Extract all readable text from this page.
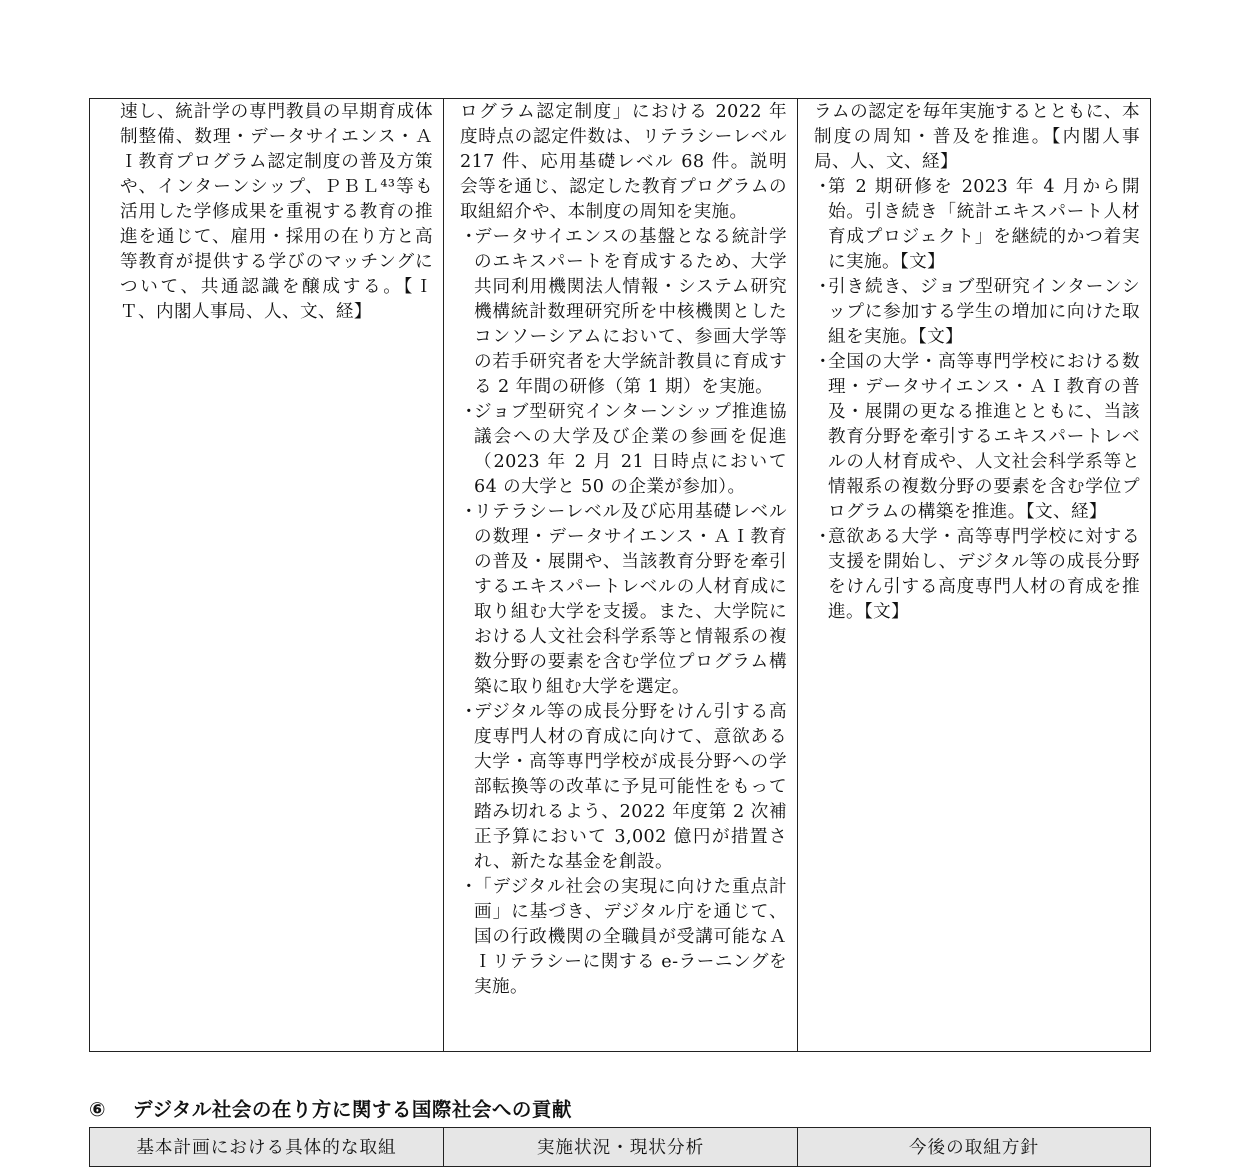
速し、統計学の専門教員の早期育成体制整備、数理・データサイエンス・ＡＩ教育プログラム認定制度の普及方策や、インターンシップ、ＰＢＬ⁴³等も活用した学修成果を重視する教育の推進を通じて、雇用・採用の在り方と高等教育が提供する学びのマッチングについて、共通認識を醸成する。【ＩＴ、内閣人事局、人、文、経】

ログラム認定制度」における 2022 年度時点の認定件数は、リテラシーレベル 217 件、応用基礎レベル 68 件。説明会等を通じ、認定した教育プログラムの取組紹介や、本制度の周知を実施。

・
データサイエンスの基盤となる統計学のエキスパートを育成するため、大学共同利用機関法人情報・システム研究機構統計数理研究所を中核機関としたコンソーシアムにおいて、参画大学等の若手研究者を大学統計教員に育成する 2 年間の研修（第 1 期）を実施。

・
ジョブ型研究インターンシップ推進協議会への大学及び企業の参画を促進（2023 年 2 月 21 日時点において 64 の大学と 50 の企業が参加）。

・
リテラシーレベル及び応用基礎レベルの数理・データサイエンス・ＡＩ教育の普及・展開や、当該教育分野を牽引するエキスパートレベルの人材育成に取り組む大学を支援。また、大学院における人文社会科学系等と情報系の複数分野の要素を含む学位プログラム構築に取り組む大学を選定。

・
デジタル等の成長分野をけん引する高度専門人材の育成に向けて、意欲ある大学・高等専門学校が成長分野への学部転換等の改革に予見可能性をもって踏み切れるよう、2022 年度第 2 次補正予算において 3,002 億円が措置され、新たな基金を創設。

・
「デジタル社会の実現に向けた重点計画」に基づき、デジタル庁を通じて、国の行政機関の全職員が受講可能なＡＩリテラシーに関する e-ラーニングを実施。

ラムの認定を毎年実施するとともに、本制度の周知・普及を推進。【内閣人事局、人、文、経】

・
第 2 期研修を 2023 年 4 月から開始。引き続き「統計エキスパート人材育成プロジェクト」を継続的かつ着実に実施。【文】

・
引き続き、ジョブ型研究インターンシップに参加する学生の増加に向けた取組を実施。【文】

・
全国の大学・高等専門学校における数理・データサイエンス・ＡＩ教育の普及・展開の更なる推進とともに、当該教育分野を牽引するエキスパートレベルの人材育成や、人文社会科学系等と情報系の複数分野の要素を含む学位プログラムの構築を推進。【文、経】

・
意欲ある大学・高等専門学校に対する支援を開始し、デジタル等の成長分野をけん引する高度専門人材の育成を推進。【文】

⑥ デジタル社会の在り方に関する国際社会への貢献
基本計画における具体的な取組	実施状況・現状分析	今後の取組方針
